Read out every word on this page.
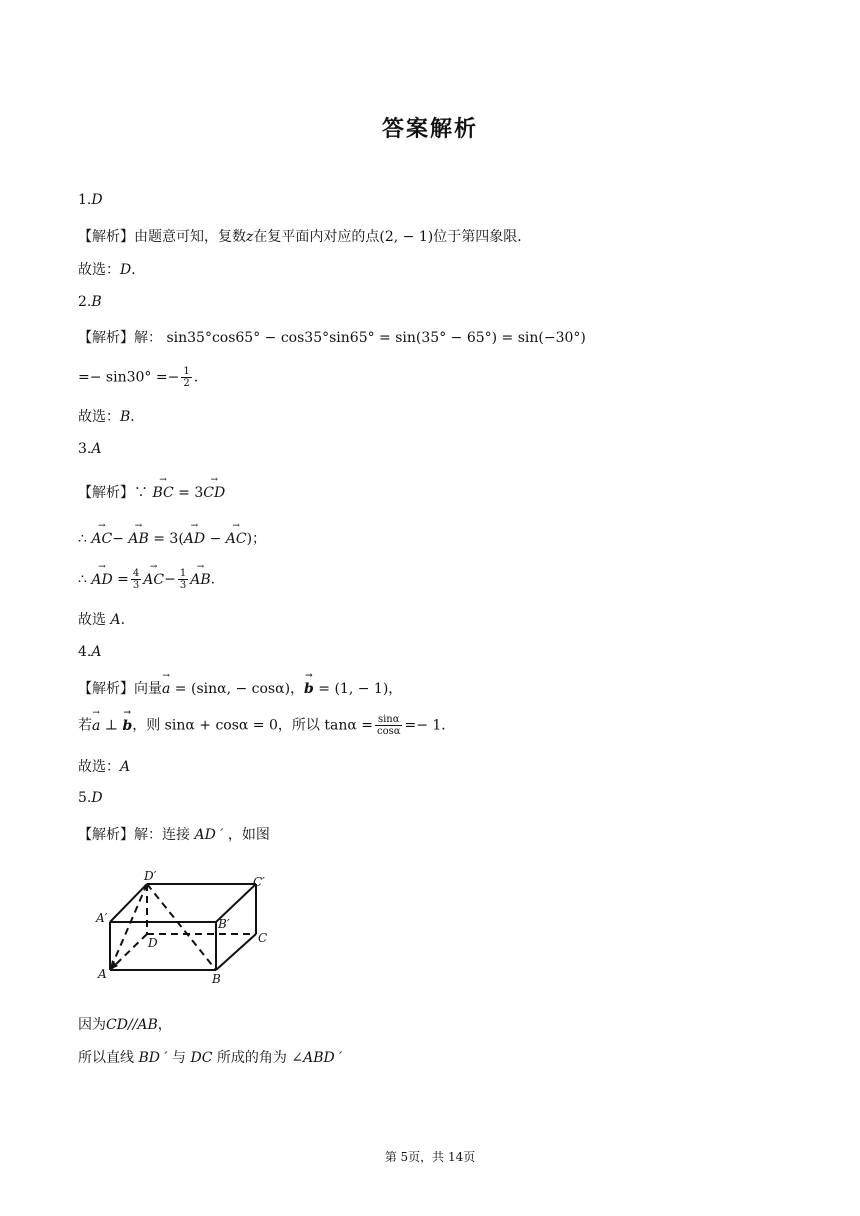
答案解析
1.D
【解析】由题意可知，复数z在复平面内对应的点(2, − 1)位于第四象限．
故选：D．
2.B
【解析】解： sin35°cos65° − cos35°sin65° = sin(35° − 65°) = sin(−30°)
=− $\sin 30^\circ =- \frac{1}{2}$ ．
故选：B．
3.A
【解析】∵ → BC = 3→ CD
∴ → AC− → AB = 3(→ AD − → AC)；
∴ → AD = $\frac{4}{3}$
→ $AC- \frac{1}{3}$
→ AB.
故选 A．
4.A
【解析】向量→ a = (sinα, − cosα)，→ b = (1, − 1)，
若→ a ⊥ → b，则 sinα + cosα = 0，所以 $\tan\alpha = \frac{\sin\alpha}{\cos\alpha} =- 1$．
故选：A
5.D
【解析】解：连接 AD ′ ，如图
D′	C′
A′	B′
D	C
A	B
因为CD//AB，
所以直线 BD ′ 与 DC 所成的角为 ∠ABD ′
第 5页，共 14页
